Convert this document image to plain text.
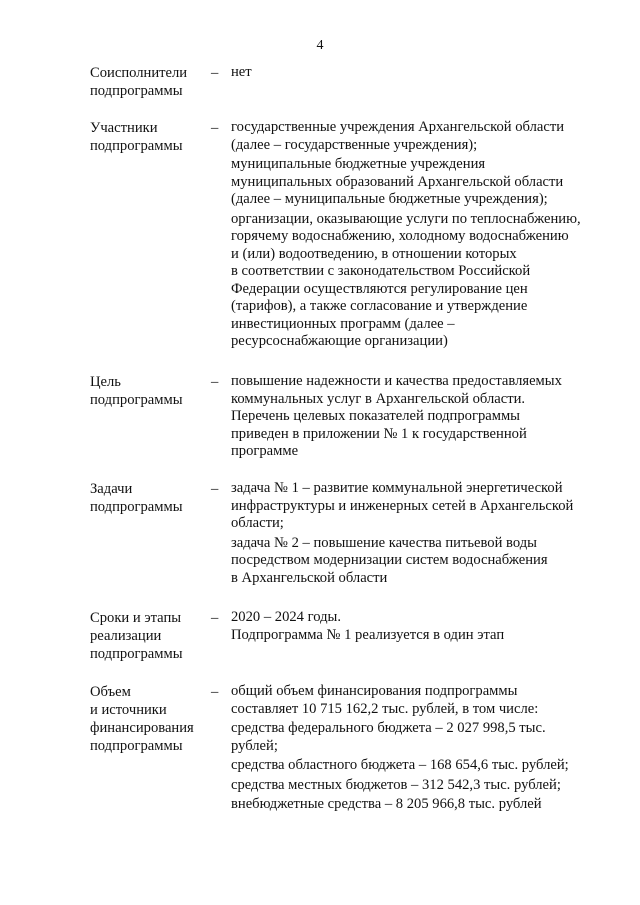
4
Соисполнители
подпрограммы
– нет

Участники
подпрограммы
– государственные учреждения Архангельской области
(далее – государственные учреждения);

муниципальные бюджетные учреждения
муниципальных образований Архангельской области
(далее – муниципальные бюджетные учреждения);

организации, оказывающие услуги по теплоснабжению,
горячему водоснабжению, холодному водоснабжению
и (или) водоотведению, в отношении которых
в соответствии с законодательством Российской
Федерации осуществляются регулирование цен
(тарифов), а также согласование и утверждение
инвестиционных программ (далее –
ресурсоснабжающие организации)

Цель
подпрограммы
– повышение надежности и качества предоставляемых
коммунальных услуг в Архангельской области.
Перечень целевых показателей подпрограммы
приведен в приложении № 1 к государственной
программе

Задачи
подпрограммы
– задача № 1 – развитие коммунальной энергетической
инфраструктуры и инженерных сетей в Архангельской
области;

задача № 2 – повышение качества питьевой воды
посредством модернизации систем водоснабжения
в Архангельской области

Сроки и этапы
реализации
подпрограммы
– 2020 – 2024 годы.
Подпрограмма № 1 реализуется в один этап

Объем
и источники
финансирования
подпрограммы
– общий объем финансирования подпрограммы
составляет 10 715 162,2 тыс. рублей, в том числе:

средства федерального бюджета – 2 027 998,5 тыс.
рублей;

средства областного бюджета – 168 654,6 тыс. рублей;

средства местных бюджетов – 312 542,3 тыс. рублей;

внебюджетные средства – 8 205 966,8 тыс. рублей
